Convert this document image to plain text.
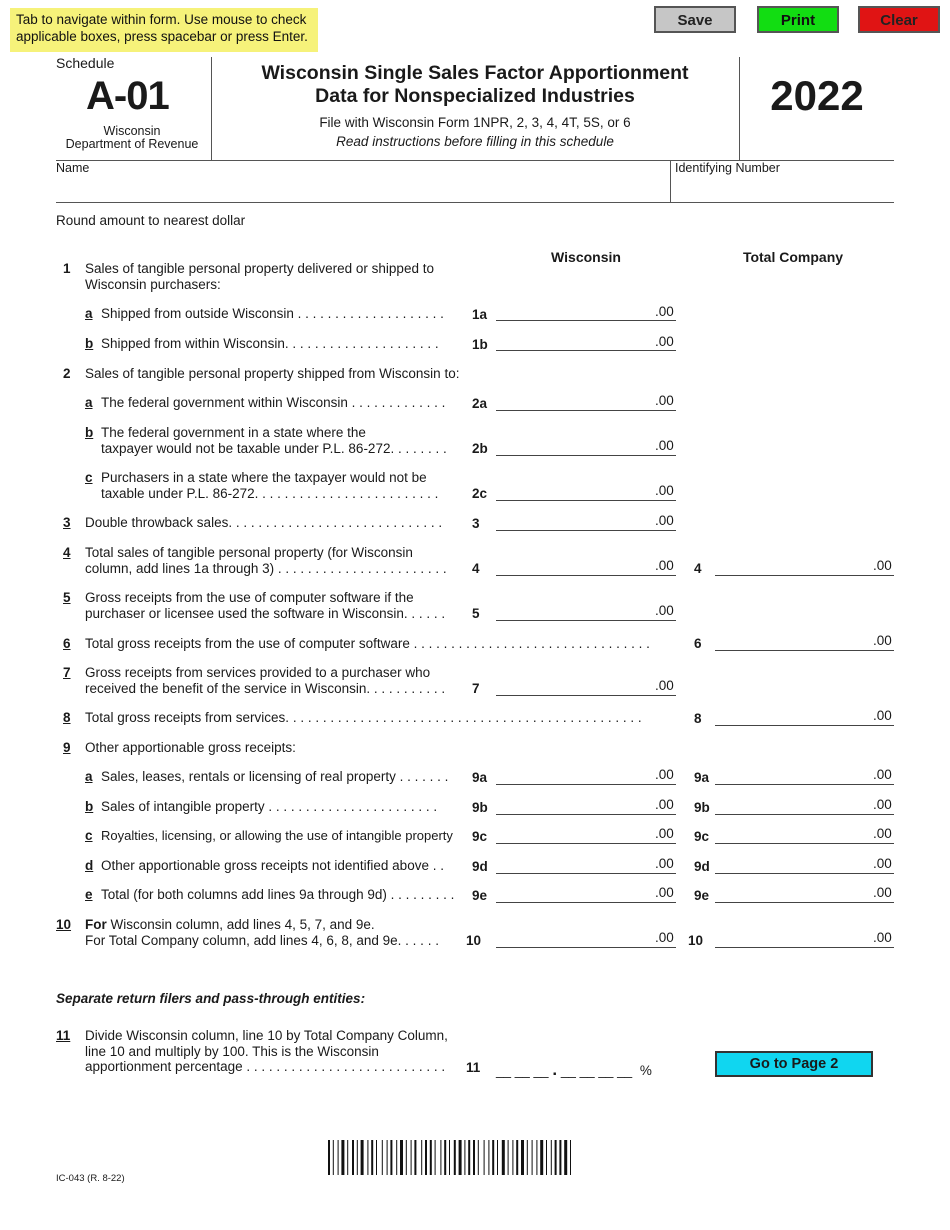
Tab to navigate within form. Use mouse to check applicable boxes, press spacebar or press Enter.
Save	Print	Clear
Schedule
A-01
Wisconsin
Department of Revenue
Wisconsin Single Sales Factor Apportionment
Data for Nonspecialized Industries
File with Wisconsin Form 1NPR, 2, 3, 4, 4T, 5S, or 6
Read instructions before filling in this schedule
2022
Name	Identifying Number
Round amount to nearest dollar
Wisconsin	Total Company
1 Sales of tangible personal property delivered or shipped to
Wisconsin purchasers:
a Shipped from outside Wisconsin . . . . . . . . . . . . . . . . . . . . 1a	.00
b Shipped from within Wisconsin. . . . . . . . . . . . . . . . . . . . . 1b	.00
2 Sales of tangible personal property shipped from Wisconsin to:
a The federal government within Wisconsin . . . . . . . . . . . . . 2a	.00
b The federal government in a state where the
taxpayer would not be taxable under P.L. 86-272. . . . . . . . 2b	.00
c Purchasers in a state where the taxpayer would not be
taxable under P.L. 86-272. . . . . . . . . . . . . . . . . . . . . . . . . 2c	.00
3 Double throwback sales. . . . . . . . . . . . . . . . . . . . . . . . . . . . . 3	.00
4 Total sales of tangible personal property (for Wisconsin
column, add lines 1a through 3) . . . . . . . . . . . . . . . . . . . . . . . 4	.00 4	.00
5 Gross receipts from the use of computer software if the
purchaser or licensee used the software in Wisconsin. . . . . . 5	.00
6 Total gross receipts from the use of computer software . . . . . . . . . . . . . . . . . . . . . . . . . . . . . . . .	6	.00
7 Gross receipts from services provided to a purchaser who
received the benefit of the service in Wisconsin. . . . . . . . . . . 7	.00
8 Total gross receipts from services. . . . . . . . . . . . . . . . . . . . . . . . . . . . . . . . . . . . . . . . . . . . . . . .	8	.00
9 Other apportionable gross receipts:
a Sales, leases, rentals or licensing of real property . . . . . . . 9a	.00 9a	.00
b Sales of intangible property . . . . . . . . . . . . . . . . . . . . . . .	9b	.00 9b	.00
c Royalties, licensing, or allowing the use of intangible property 9c	.00 9c	.00
d Other apportionable gross receipts not identified above . . 9d	.00 9d	.00
e Total (for both columns add lines 9a through 9d) . . . . . . . . . 9e	.00 9e	.00
10 For Wisconsin column, add lines 4, 5, 7, and 9e.
For Total Company column, add lines 4, 6, 8, and 9e. . . . . . 10	.00 10	.00
Separate return filers and pass-through entities:
11 Divide Wisconsin column, line 10 by Total Company Column,
line 10 and multiply by 100. This is the Wisconsin
apportionment percentage . . . . . . . . . . . . . . . . . . . . . . . . . . . 11 __ __ __ . __ __ __ __ %	Go to Page 2
IC-043 (R. 8-22)
